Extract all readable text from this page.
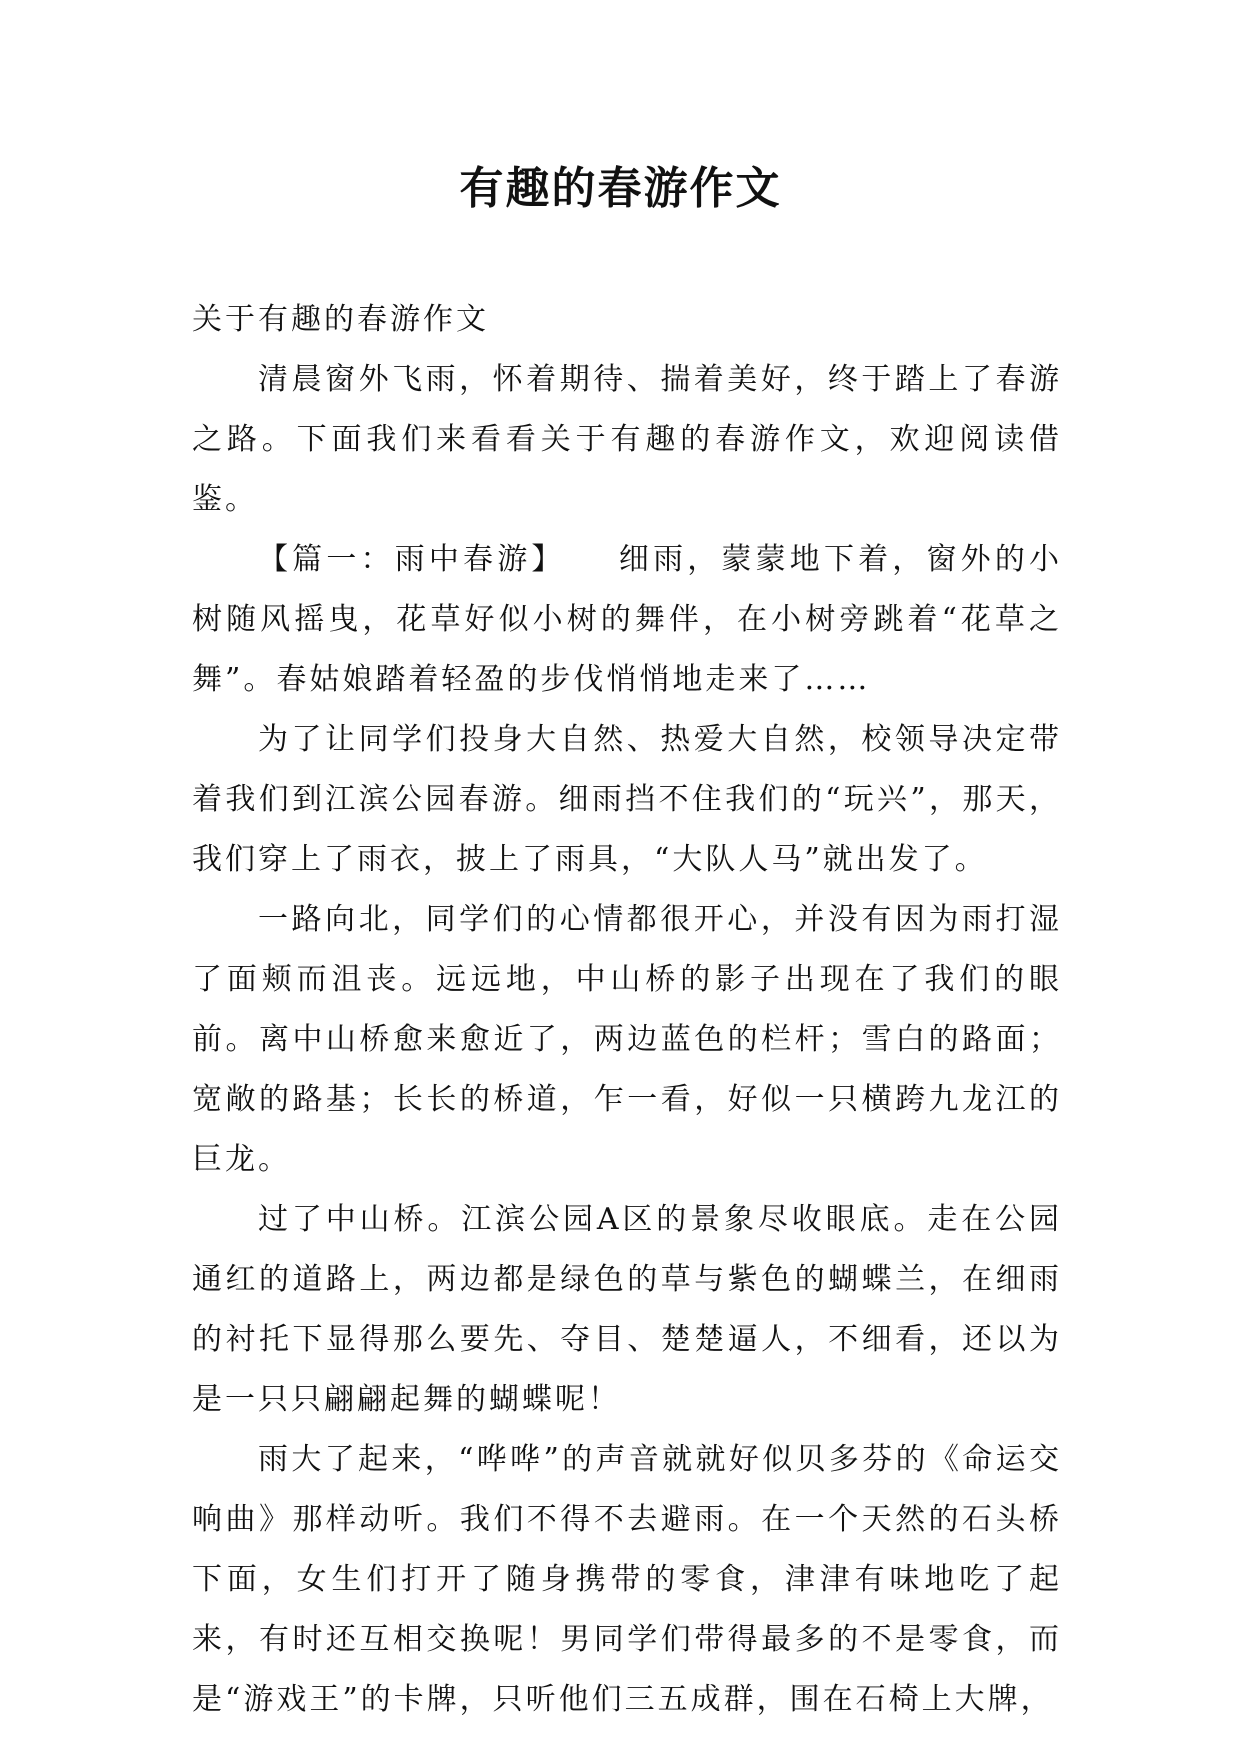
有趣的春游作文

关于有趣的春游作文

清晨窗外飞雨，怀着期待、揣着美好，终于踏上了春游之路。下面我们来看看关于有趣的春游作文，欢迎阅读借鉴。

【篇一：雨中春游】　　细雨，蒙蒙地下着，窗外的小树随风摇曳，花草好似小树的舞伴，在小树旁跳着“花草之舞”。春姑娘踏着轻盈的步伐悄悄地走来了……

为了让同学们投身大自然、热爱大自然，校领导决定带着我们到江滨公园春游。细雨挡不住我们的“玩兴”，那天，我们穿上了雨衣，披上了雨具，“大队人马”就出发了。

一路向北，同学们的心情都很开心，并没有因为雨打湿了面颊而沮丧。远远地，中山桥的影子出现在了我们的眼前。离中山桥愈来愈近了，两边蓝色的栏杆；雪白的路面；宽敞的路基；长长的桥道，乍一看，好似一只横跨九龙江的巨龙。

过了中山桥。江滨公园A区的景象尽收眼底。走在公园通红的道路上，两边都是绿色的草与紫色的蝴蝶兰，在细雨的衬托下显得那么要先、夺目、楚楚逼人，不细看，还以为是一只只翩翩起舞的蝴蝶呢！

雨大了起来，“哗哗”的声音就就好似贝多芬的《命运交响曲》那样动听。我们不得不去避雨。在一个天然的石头桥下面，女生们打开了随身携带的零食，津津有味地吃了起来，有时还互相交换呢！男同学们带得最多的不是零食，而是“游戏王”的卡牌，只听他们三五成群，围在石椅上大牌，
